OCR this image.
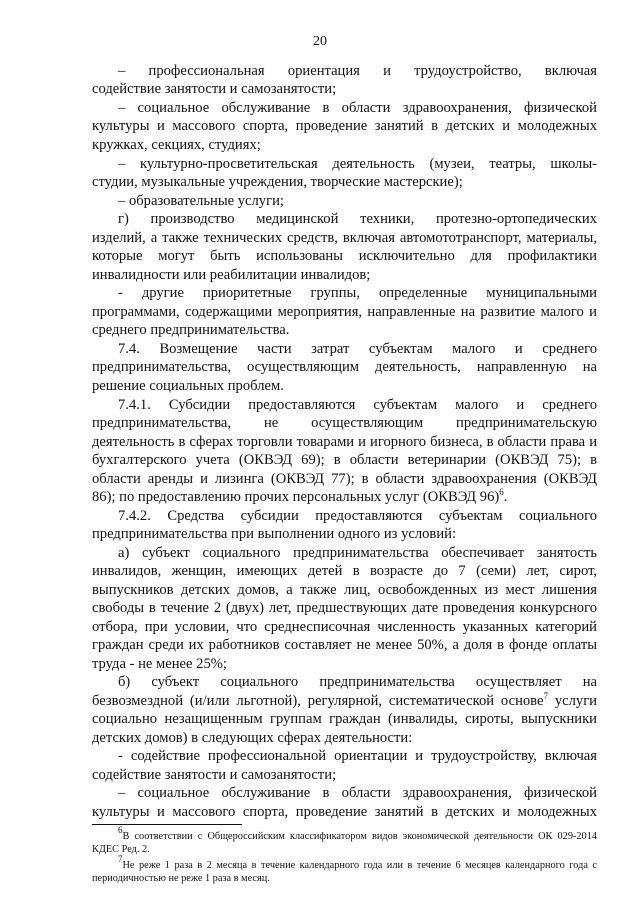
20
– профессиональная ориентация и трудоустройство, включая
содействие занятости и самозанятости;
– социальное обслуживание в области здравоохранения, физической
культуры и массового спорта, проведение занятий в детских и молодежных
кружках, секциях, студиях;
– культурно-просветительская деятельность (музеи, театры, школы-
студии, музыкальные учреждения, творческие мастерские);
– образовательные услуги;
г) производство медицинской техники, протезно-ортопедических
изделий, а также технических средств, включая автомототранспорт, материалы,
которые могут быть использованы исключительно для профилактики
инвалидности или реабилитации инвалидов;
- другие приоритетные группы, определенные муниципальными
программами, содержащими мероприятия, направленные на развитие малого и
среднего предпринимательства.
7.4. Возмещение части затрат субъектам малого и среднего
предпринимательства, осуществляющим деятельность, направленную на
решение социальных проблем.
7.4.1. Субсидии предоставляются субъектам малого и среднего
предпринимательства, не осуществляющим предпринимательскую
деятельность в сферах торговли товарами и игорного бизнеса, в области права и
бухгалтерского учета (ОКВЭД 69); в области ветеринарии (ОКВЭД 75); в
области аренды и лизинга (ОКВЭД 77); в области здравоохранения (ОКВЭД
86); по предоставлению прочих персональных услуг (ОКВЭД 96)$^6$.
7.4.2. Средства субсидии предоставляются субъектам социального
предпринимательства при выполнении одного из условий:
а) субъект социального предпринимательства обеспечивает занятость
инвалидов, женщин, имеющих детей в возрасте до 7 (семи) лет, сирот,
выпускников детских домов, а также лиц, освобожденных из мест лишения
свободы в течение 2 (двух) лет, предшествующих дате проведения конкурсного
отбора, при условии, что среднесписочная численность указанных категорий
граждан среди их работников составляет не менее 50%, а доля в фонде оплаты
труда - не менее 25%;
б) субъект социального предпринимательства осуществляет на
безвозмездной (и/или льготной), регулярной, систематической основе$^7$ услуги
социально незащищенным группам граждан (инвалиды, сироты, выпускники
детских домов) в следующих сферах деятельности:
- содействие профессиональной ориентации и трудоустройству, включая
содействие занятости и самозанятости;
– социальное обслуживание в области здравоохранения, физической
культуры и массового спорта, проведение занятий в детских и молодежных
$^6$В соответствии с Общероссийским классификатором видов экономической деятельности ОК 029-2014
КДЕС Ред. 2.
$^7$Не реже 1 раза в 2 месяца в течение календарного года или в течение 6 месяцев календарного года с
периодичностью не реже 1 раза в месяц.
